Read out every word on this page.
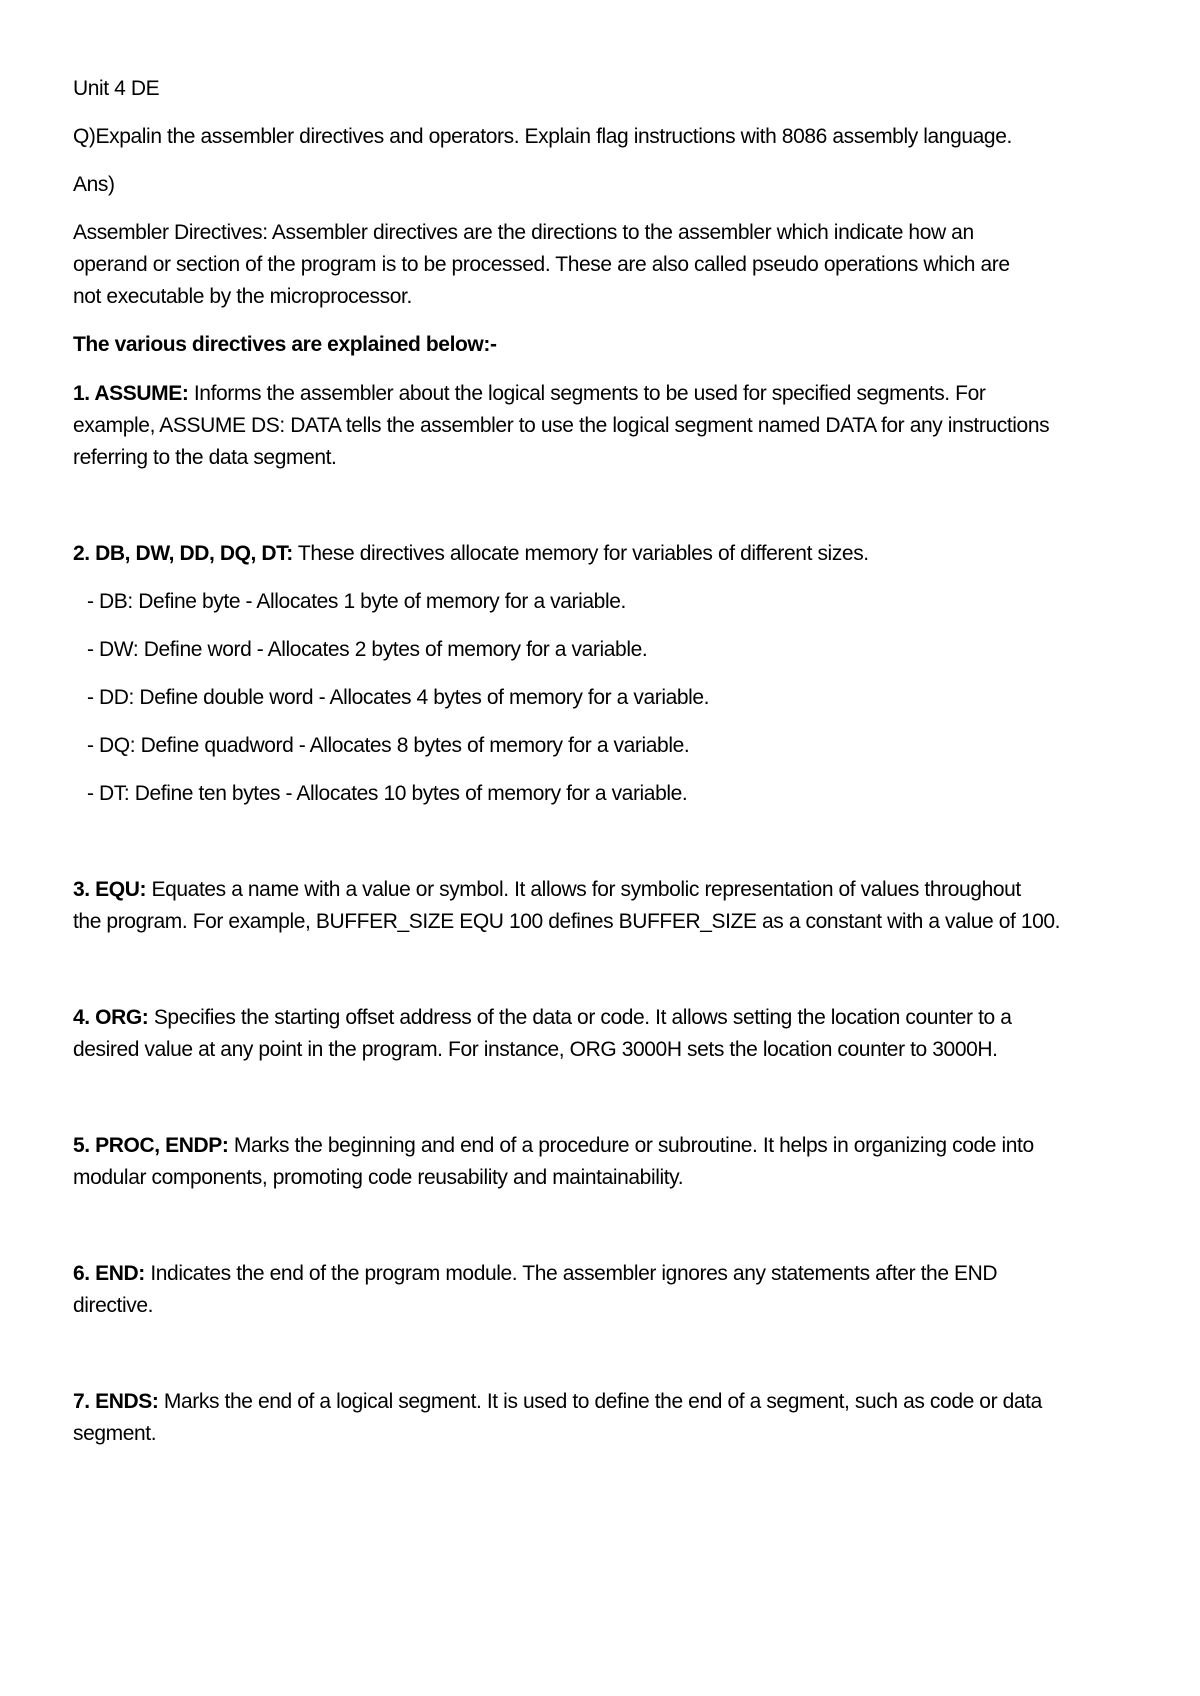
Unit 4 DE
Q)Expalin the assembler directives and operators. Explain flag instructions with 8086 assembly language.
Ans)
Assembler Directives: Assembler directives are the directions to the assembler which indicate how an
operand or section of the program is to be processed. These are also called pseudo operations which are
not executable by the microprocessor.
The various directives are explained below:-
1. ASSUME: Informs the assembler about the logical segments to be used for specified segments. For
example, ASSUME DS: DATA tells the assembler to use the logical segment named DATA for any instructions
referring to the data segment.
2. DB, DW, DD, DQ, DT: These directives allocate memory for variables of different sizes.
- DB: Define byte - Allocates 1 byte of memory for a variable.
- DW: Define word - Allocates 2 bytes of memory for a variable.
- DD: Define double word - Allocates 4 bytes of memory for a variable.
- DQ: Define quadword - Allocates 8 bytes of memory for a variable.
- DT: Define ten bytes - Allocates 10 bytes of memory for a variable.
3. EQU: Equates a name with a value or symbol. It allows for symbolic representation of values throughout
the program. For example, BUFFER_SIZE EQU 100 defines BUFFER_SIZE as a constant with a value of 100.
4. ORG: Specifies the starting offset address of the data or code. It allows setting the location counter to a
desired value at any point in the program. For instance, ORG 3000H sets the location counter to 3000H.
5. PROC, ENDP: Marks the beginning and end of a procedure or subroutine. It helps in organizing code into
modular components, promoting code reusability and maintainability.
6. END: Indicates the end of the program module. The assembler ignores any statements after the END
directive.
7. ENDS: Marks the end of a logical segment. It is used to define the end of a segment, such as code or data
segment.
